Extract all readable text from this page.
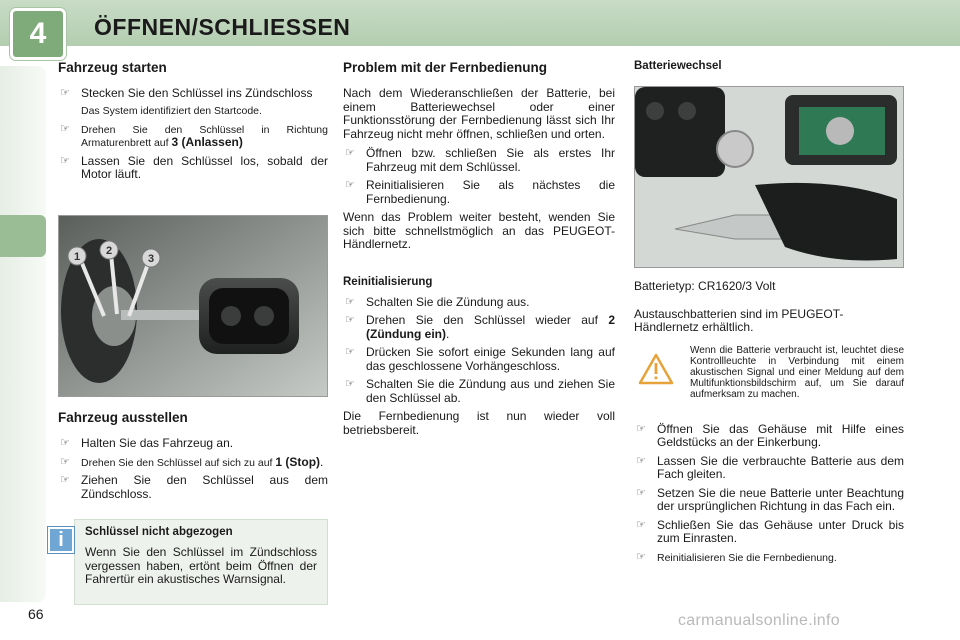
4	ÖFFNEN/SCHLIESSEN
Fahrzeug starten
☞ Stecken Sie den Schlüssel ins Zündschloss
Das System identifiziert den Startcode.
☞ Drehen Sie den Schlüssel in Richtung Armaturenbrett auf 3 (Anlassen)
☞ Lassen Sie den Schlüssel los, sobald der Motor läuft.
1 2
3
Fahrzeug ausstellen
☞ Halten Sie das Fahrzeug an.
☞ Drehen Sie den Schlüssel auf sich zu auf 1 (Stop).
☞ Ziehen Sie den Schlüssel aus dem Zündschloss.
Schlüssel nicht abgezogen

Wenn Sie den Schlüssel im Zündschloss vergessen haben, ertönt beim Öffnen der Fahrertür ein akustisches Warnsignal.

i
Problem mit der Fernbedienung

Nach dem Wiederanschließen der Batterie, bei einem Batteriewechsel oder einer Funktionsstörung der Fernbedienung lässt sich Ihr Fahrzeug nicht mehr öffnen, schließen und orten.

☞ Öffnen bzw. schließen Sie als erstes Ihr Fahrzeug mit dem Schlüssel.
☞ Reinitialisieren Sie als nächstes die Fernbedienung.

Wenn das Problem weiter besteht, wenden Sie sich bitte schnellstmöglich an das PEUGEOT-Händlernetz.

Reinitialisierung
☞ Schalten Sie die Zündung aus.
☞ Drehen Sie den Schlüssel wieder auf 2 (Zündung ein).
☞ Drücken Sie sofort einige Sekunden lang auf das geschlossene Vorhängeschloss.
☞ Schalten Sie die Zündung aus und ziehen Sie den Schlüssel ab.

Die Fernbedienung ist nun wieder voll betriebsbereit.

Batteriewechsel

Batterietyp: CR1620/3 Volt

Austauschbatterien sind im PEUGEOT-Händlernetz erhältlich.

Wenn die Batterie verbraucht ist, leuchtet diese Kontrollleuchte in Verbindung mit einem akustischen Signal und einer Meldung auf dem Multifunktionsbildschirm auf, um Sie darauf aufmerksam zu machen.

☞ Öffnen Sie das Gehäuse mit Hilfe eines Geldstücks an der Einkerbung.
☞ Lassen Sie die verbrauchte Batterie aus dem Fach gleiten.
☞ Setzen Sie die neue Batterie unter Beachtung der ursprünglichen Richtung in das Fach ein.
☞ Schließen Sie das Gehäuse unter Druck bis zum Einrasten.
☞ Reinitialisieren Sie die Fernbedienung.
66	carmanualsonline.info
